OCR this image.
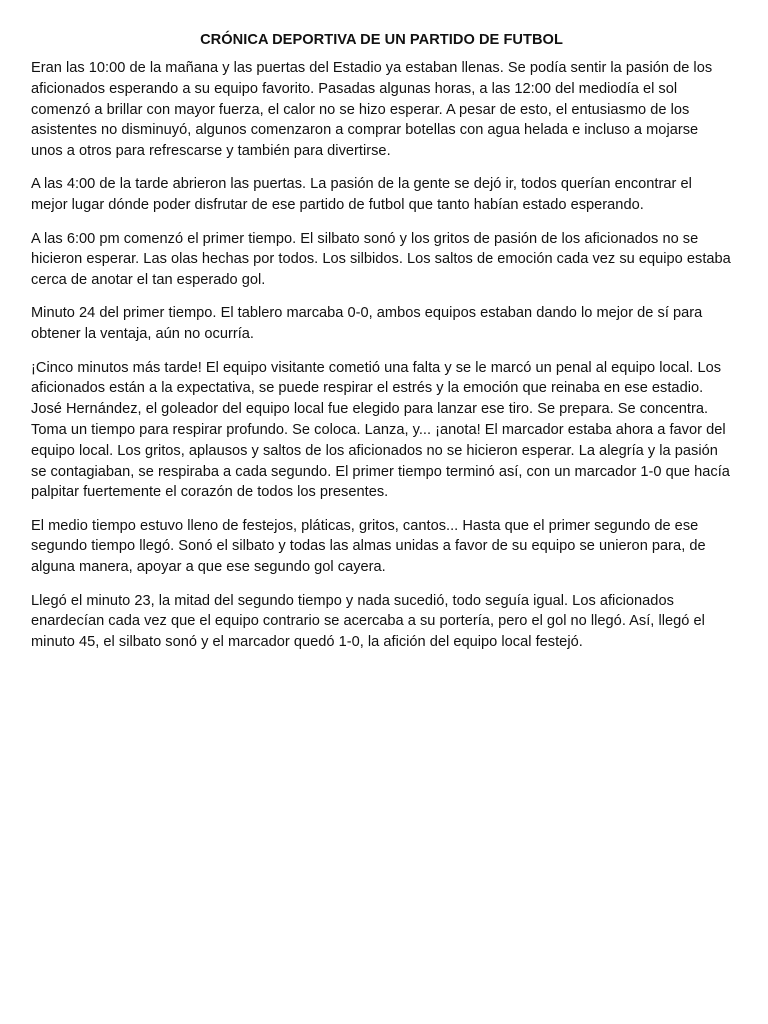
CRÓNICA DEPORTIVA DE UN PARTIDO DE FUTBOL

Eran las 10:00 de la mañana y las puertas del Estadio ya estaban llenas. Se podía sentir la pasión de los aficionados esperando a su equipo favorito. Pasadas algunas horas, a las 12:00 del mediodía el sol comenzó a brillar con mayor fuerza, el calor no se hizo esperar. A pesar de esto, el entusiasmo de los asistentes no disminuyó, algunos comenzaron a comprar botellas con agua helada e incluso a mojarse unos a otros para refrescarse y también para divertirse.

A las 4:00 de la tarde abrieron las puertas. La pasión de la gente se dejó ir, todos querían encontrar el mejor lugar dónde poder disfrutar de ese partido de futbol que tanto habían estado esperando.

A las 6:00 pm comenzó el primer tiempo. El silbato sonó y los gritos de pasión de los aficionados no se hicieron esperar. Las olas hechas por todos. Los silbidos. Los saltos de emoción cada vez su equipo estaba cerca de anotar el tan esperado gol.

Minuto 24 del primer tiempo. El tablero marcaba 0-0, ambos equipos estaban dando lo mejor de sí para obtener la ventaja, aún no ocurría.

¡Cinco minutos más tarde! El equipo visitante cometió una falta y se le marcó un penal al equipo local. Los aficionados están a la expectativa, se puede respirar el estrés y la emoción que reinaba en ese estadio. José Hernández, el goleador del equipo local fue elegido para lanzar ese tiro. Se prepara. Se concentra. Toma un tiempo para respirar profundo. Se coloca. Lanza, y... ¡anota! El marcador estaba ahora a favor del equipo local. Los gritos, aplausos y saltos de los aficionados no se hicieron esperar. La alegría y la pasión se contagiaban, se respiraba a cada segundo. El primer tiempo terminó así, con un marcador 1-0 que hacía palpitar fuertemente el corazón de todos los presentes.

El medio tiempo estuvo lleno de festejos, pláticas, gritos, cantos... Hasta que el primer segundo de ese segundo tiempo llegó. Sonó el silbato y todas las almas unidas a favor de su equipo se unieron para, de alguna manera, apoyar a que ese segundo gol cayera.

Llegó el minuto 23, la mitad del segundo tiempo y nada sucedió, todo seguía igual. Los aficionados enardecían cada vez que el equipo contrario se acercaba a su portería, pero el gol no llegó. Así, llegó el minuto 45, el silbato sonó y el marcador quedó 1-0, la afición del equipo local festejó.
